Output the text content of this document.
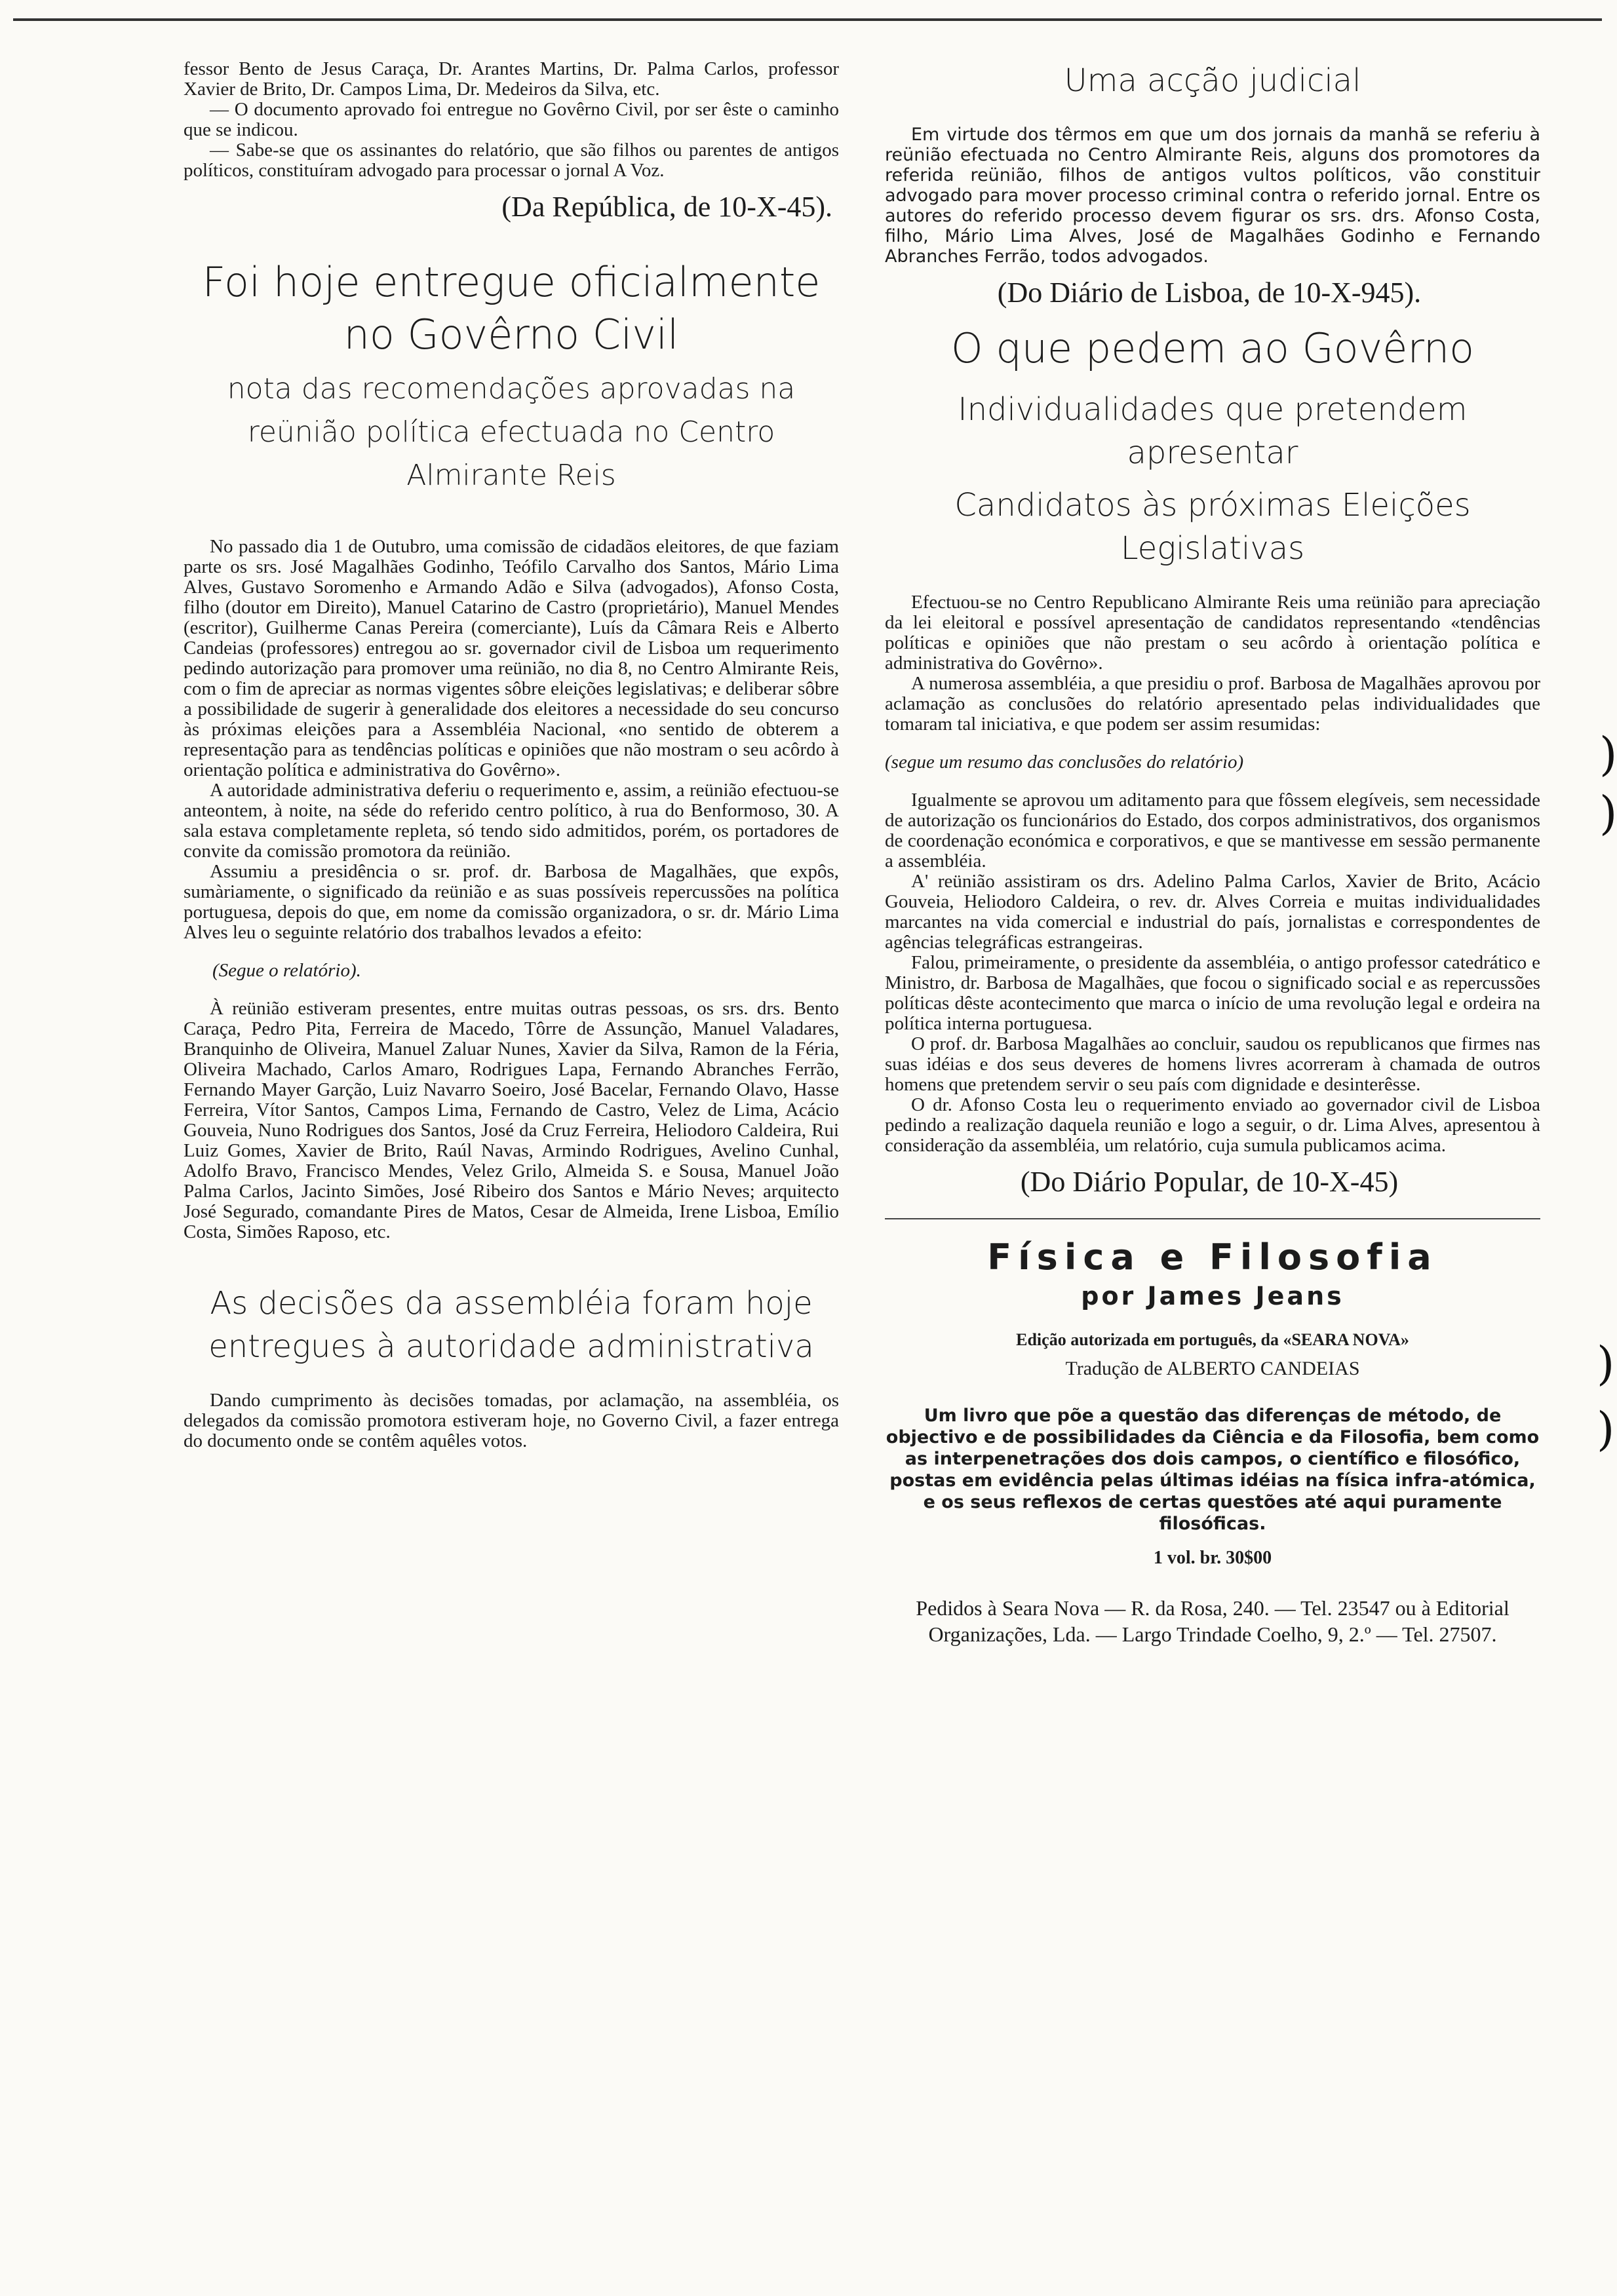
fessor Bento de Jesus Caraça, Dr. Arantes Martins, Dr. Palma Carlos, professor Xavier de Brito, Dr. Campos Lima, Dr. Medeiros da Silva, etc.

— O documento aprovado foi entregue no Govêrno Civil, por ser êste o caminho que se indicou.

— Sabe-se que os assinantes do relatório, que são filhos ou parentes de antigos políticos, constituíram advogado para processar o jornal A Voz.

(Da República, de 10-X-45).
Foi hoje entregue oficialmente no Govêrno Civil
nota das recomendações aprovadas na reünião política efectuada no Centro Almirante Reis

No passado dia 1 de Outubro, uma comissão de cidadãos eleitores, de que faziam parte os srs. José Magalhães Godinho, Teófilo Carvalho dos Santos, Mário Lima Alves, Gustavo Soromenho e Armando Adão e Silva (advogados), Afonso Costa, filho (doutor em Direito), Manuel Catarino de Castro (proprietário), Manuel Mendes (escritor), Guilherme Canas Pereira (comerciante), Luís da Câmara Reis e Alberto Candeias (professores) entregou ao sr. governador civil de Lisboa um requerimento pedindo autorização para promover uma reünião, no dia 8, no Centro Almirante Reis, com o fim de apreciar as normas vigentes sôbre eleições legislativas; e deliberar sôbre a possibilidade de sugerir à generalidade dos eleitores a necessidade do seu concurso às próximas eleições para a Assembléia Nacional, «no sentido de obterem a representação para as tendências políticas e opiniões que não mostram o seu acôrdo à orientação política e administrativa do Govêrno».

A autoridade administrativa deferiu o requerimento e, assim, a reünião efectuou-se anteontem, à noite, na séde do referido centro político, à rua do Benformoso, 30. A sala estava completamente repleta, só tendo sido admitidos, porém, os portadores de convite da comissão promotora da reünião.

Assumiu a presidência o sr. prof. dr. Barbosa de Magalhães, que expôs, sumàriamente, o significado da reünião e as suas possíveis repercussões na política portuguesa, depois do que, em nome da comissão organizadora, o sr. dr. Mário Lima Alves leu o seguinte relatório dos trabalhos levados a efeito:

(Segue o relatório).

À reünião estiveram presentes, entre muitas outras pessoas, os srs. drs. Bento Caraça, Pedro Pita, Ferreira de Macedo, Tôrre de Assunção, Manuel Valadares, Branquinho de Oliveira, Manuel Zaluar Nunes, Xavier da Silva, Ramon de la Féria, Oliveira Machado, Carlos Amaro, Rodrigues Lapa, Fernando Abranches Ferrão, Fernando Mayer Garção, Luiz Navarro Soeiro, José Bacelar, Fernando Olavo, Hasse Ferreira, Vítor Santos, Campos Lima, Fernando de Castro, Velez de Lima, Acácio Gouveia, Nuno Rodrigues dos Santos, José da Cruz Ferreira, Heliodoro Caldeira, Rui Luiz Gomes, Xavier de Brito, Raúl Navas, Armindo Rodrigues, Avelino Cunhal, Adolfo Bravo, Francisco Mendes, Velez Grilo, Almeida S. e Sousa, Manuel João Palma Carlos, Jacinto Simões, José Ribeiro dos Santos e Mário Neves; arquitecto José Segurado, comandante Pires de Matos, Cesar de Almeida, Irene Lisboa, Emílio Costa, Simões Raposo, etc.

As decisões da assembléia foram hoje entregues à autoridade administrativa

Dando cumprimento às decisões tomadas, por aclamação, na assembléia, os delegados da comissão promotora estiveram hoje, no Governo Civil, a fazer entrega do documento onde se contêm aquêles votos.

Uma acção judicial

Em virtude dos têrmos em que um dos jornais da manhã se referiu à reünião efectuada no Centro Almirante Reis, alguns dos promotores da referida reünião, filhos de antigos vultos políticos, vão constituir advogado para mover processo criminal contra o referido jornal. Entre os autores do referido processo devem figurar os srs. drs. Afonso Costa, filho, Mário Lima Alves, José de Magalhães Godinho e Fernando Abranches Ferrão, todos advogados.

(Do Diário de Lisboa, de 10-X-945).
O que pedem ao Govêrno
Individualidades que pretendem apresentar
Candidatos às próximas Eleições Legislativas

Efectuou-se no Centro Republicano Almirante Reis uma reünião para apreciação da lei eleitoral e possível apresentação de candidatos representando «tendências políticas e opiniões que não prestam o seu acôrdo à orientação política e administrativa do Govêrno».

A numerosa assembléia, a que presidiu o prof. Barbosa de Magalhães aprovou por aclamação as conclusões do relatório apresentado pelas individualidades que tomaram tal iniciativa, e que podem ser assim resumidas:

(segue um resumo das conclusões do relatório)

Igualmente se aprovou um aditamento para que fôssem elegíveis, sem necessidade de autorização os funcionários do Estado, dos corpos administrativos, dos organismos de coordenação económica e corporativos, e que se mantivesse em sessão permanente a assembléia.

A' reünião assistiram os drs. Adelino Palma Carlos, Xavier de Brito, Acácio Gouveia, Heliodoro Caldeira, o rev. dr. Alves Correia e muitas individualidades marcantes na vida comercial e industrial do país, jornalistas e correspondentes de agências telegráficas estrangeiras.

Falou, primeiramente, o presidente da assembléia, o antigo professor catedrático e Ministro, dr. Barbosa de Magalhães, que focou o significado social e as repercussões políticas dêste acontecimento que marca o início de uma revolução legal e ordeira na política interna portuguesa.

O prof. dr. Barbosa Magalhães ao concluir, saudou os republicanos que firmes nas suas idéias e dos seus deveres de homens livres acorreram à chamada de outros homens que pretendem servir o seu país com dignidade e desinterêsse.

O dr. Afonso Costa leu o requerimento enviado ao governador civil de Lisboa pedindo a realização daquela reunião e logo a seguir, o dr. Lima Alves, apresentou à consideração da assembléia, um relatório, cuja sumula publicamos acima.

(Do Diário Popular, de 10-X-45)
Física e Filosofia
por James Jeans
Edição autorizada em português, da «SEARA NOVA»
Tradução de ALBERTO CANDEIAS
Um livro que põe a questão das diferenças de método, de objectivo e de possibilidades da Ciência e da Filosofia, bem como as interpenetrações dos dois campos, o científico e filosófico, postas em evidência pelas últimas idéias na física infra-atómica, e os seus reflexos de certas questões até aqui puramente filosóficas.
1 vol. br. 30$00
Pedidos à Seara Nova — R. da Rosa, 240. — Tel. 23547 ou à Editorial Organizações, Lda. — Largo Trindade Coelho, 9, 2.º — Tel. 27507.
)
)
)
)
